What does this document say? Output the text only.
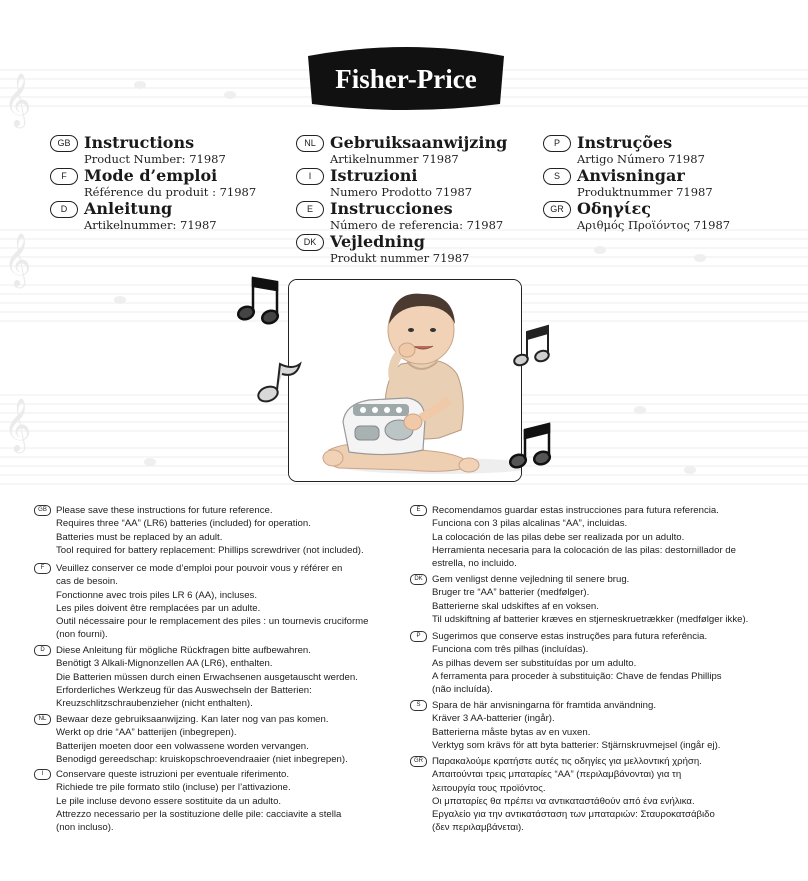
𝄞
𝄞
𝄞
Fisher-Price
GB Instructions
Product Number: 71987
F	Mode d’emploi
Référence du produit : 71987
D	Anleitung
Artikelnummer: 71987
NL Gebruiksaanwijzing
Artikelnummer 71987
I	Istruzioni
Numero Prodotto 71987
E	Instrucciones
Número de referencia: 71987
DK Vejledning
Produkt nummer 71987
P	Instruções
Artigo Número 71987
S	Anvisningar
Produktnummer 71987
GR Οδηγίες
Αριθμός Προϊόντος 71987
GB Please save these instructions for future reference.
Requires three “AA” (LR6) batteries (included) for operation.
Batteries must be replaced by an adult.
Tool required for battery replacement: Phillips screwdriver (not included).
F	Veuillez conserver ce mode d’emploi pour pouvoir vous y référer en
cas de besoin.
Fonctionne avec trois piles LR 6 (AA), incluses.
Les piles doivent être remplacées par un adulte.
Outil nécessaire pour le remplacement des piles : un tournevis cruciforme
(non fourni).
D	Diese Anleitung für mögliche Rückfragen bitte aufbewahren.
Benötigt 3 Alkali-Mignonzellen AA (LR6), enthalten.
Die Batterien müssen durch einen Erwachsenen ausgetauscht werden.
Erforderliches Werkzeug für das Auswechseln der Batterien:
Kreuzschlitzschraubenzieher (nicht enthalten).
NL	Bewaar deze gebruiksaanwijzing. Kan later nog van pas komen.
Werkt op drie “AA” batterijen (inbegrepen).
Batterijen moeten door een volwassene worden vervangen.
Benodigd gereedschap: kruiskopschroevendraaier (niet inbegrepen).
I	Conservare queste istruzioni per eventuale riferimento.
Richiede tre pile formato stilo (incluse) per l’attivazione.
Le pile incluse devono essere sostituite da un adulto.
Attrezzo necessario per la sostituzione delle pile: cacciavite a stella
(non incluso).
E	Recomendamos guardar estas instrucciones para futura referencia.
Funciona con 3 pilas alcalinas “AA”, incluidas.
La colocación de las pilas debe ser realizada por un adulto.
Herramienta necesaria para la colocación de las pilas: destornillador de
estrella, no incluido.
DK Gem venligst denne vejledning til senere brug.
Bruger tre “AA” batterier (medfølger).
Batterierne skal udskiftes af en voksen.
Til udskiftning af batterier kræves en stjerneskruetrækker (medfølger ikke).
P	Sugerimos que conserve estas instruções para futura referência.
Funciona com três pilhas (incluídas).
As pilhas devem ser substituídas por um adulto.
A ferramenta para proceder à substituição: Chave de fendas Phillips
(não incluída).
S	Spara de här anvisningarna för framtida användning.
Kräver 3 AA-batterier (ingår).
Batterierna måste bytas av en vuxen.
Verktyg som krävs för att byta batterier: Stjärnskruvmejsel (ingår ej).
GR Παρακαλούμε κρατήστε αυτές τις οδηγίες για μελλοντική χρήση.
Απαιτούνται τρεις μπαταρίες “AA” (περιλαμβάνονται) για τη
λειτουργία τους προϊόντος.
Οι μπαταρίες θα πρέπει να αντικαταστάθούν από ένα ενήλικα.
Εργαλείο για την αντικατάσταση των μπαταριών: Σταυροκατσάβιδο
(δεν περιλαμβάνεται).
